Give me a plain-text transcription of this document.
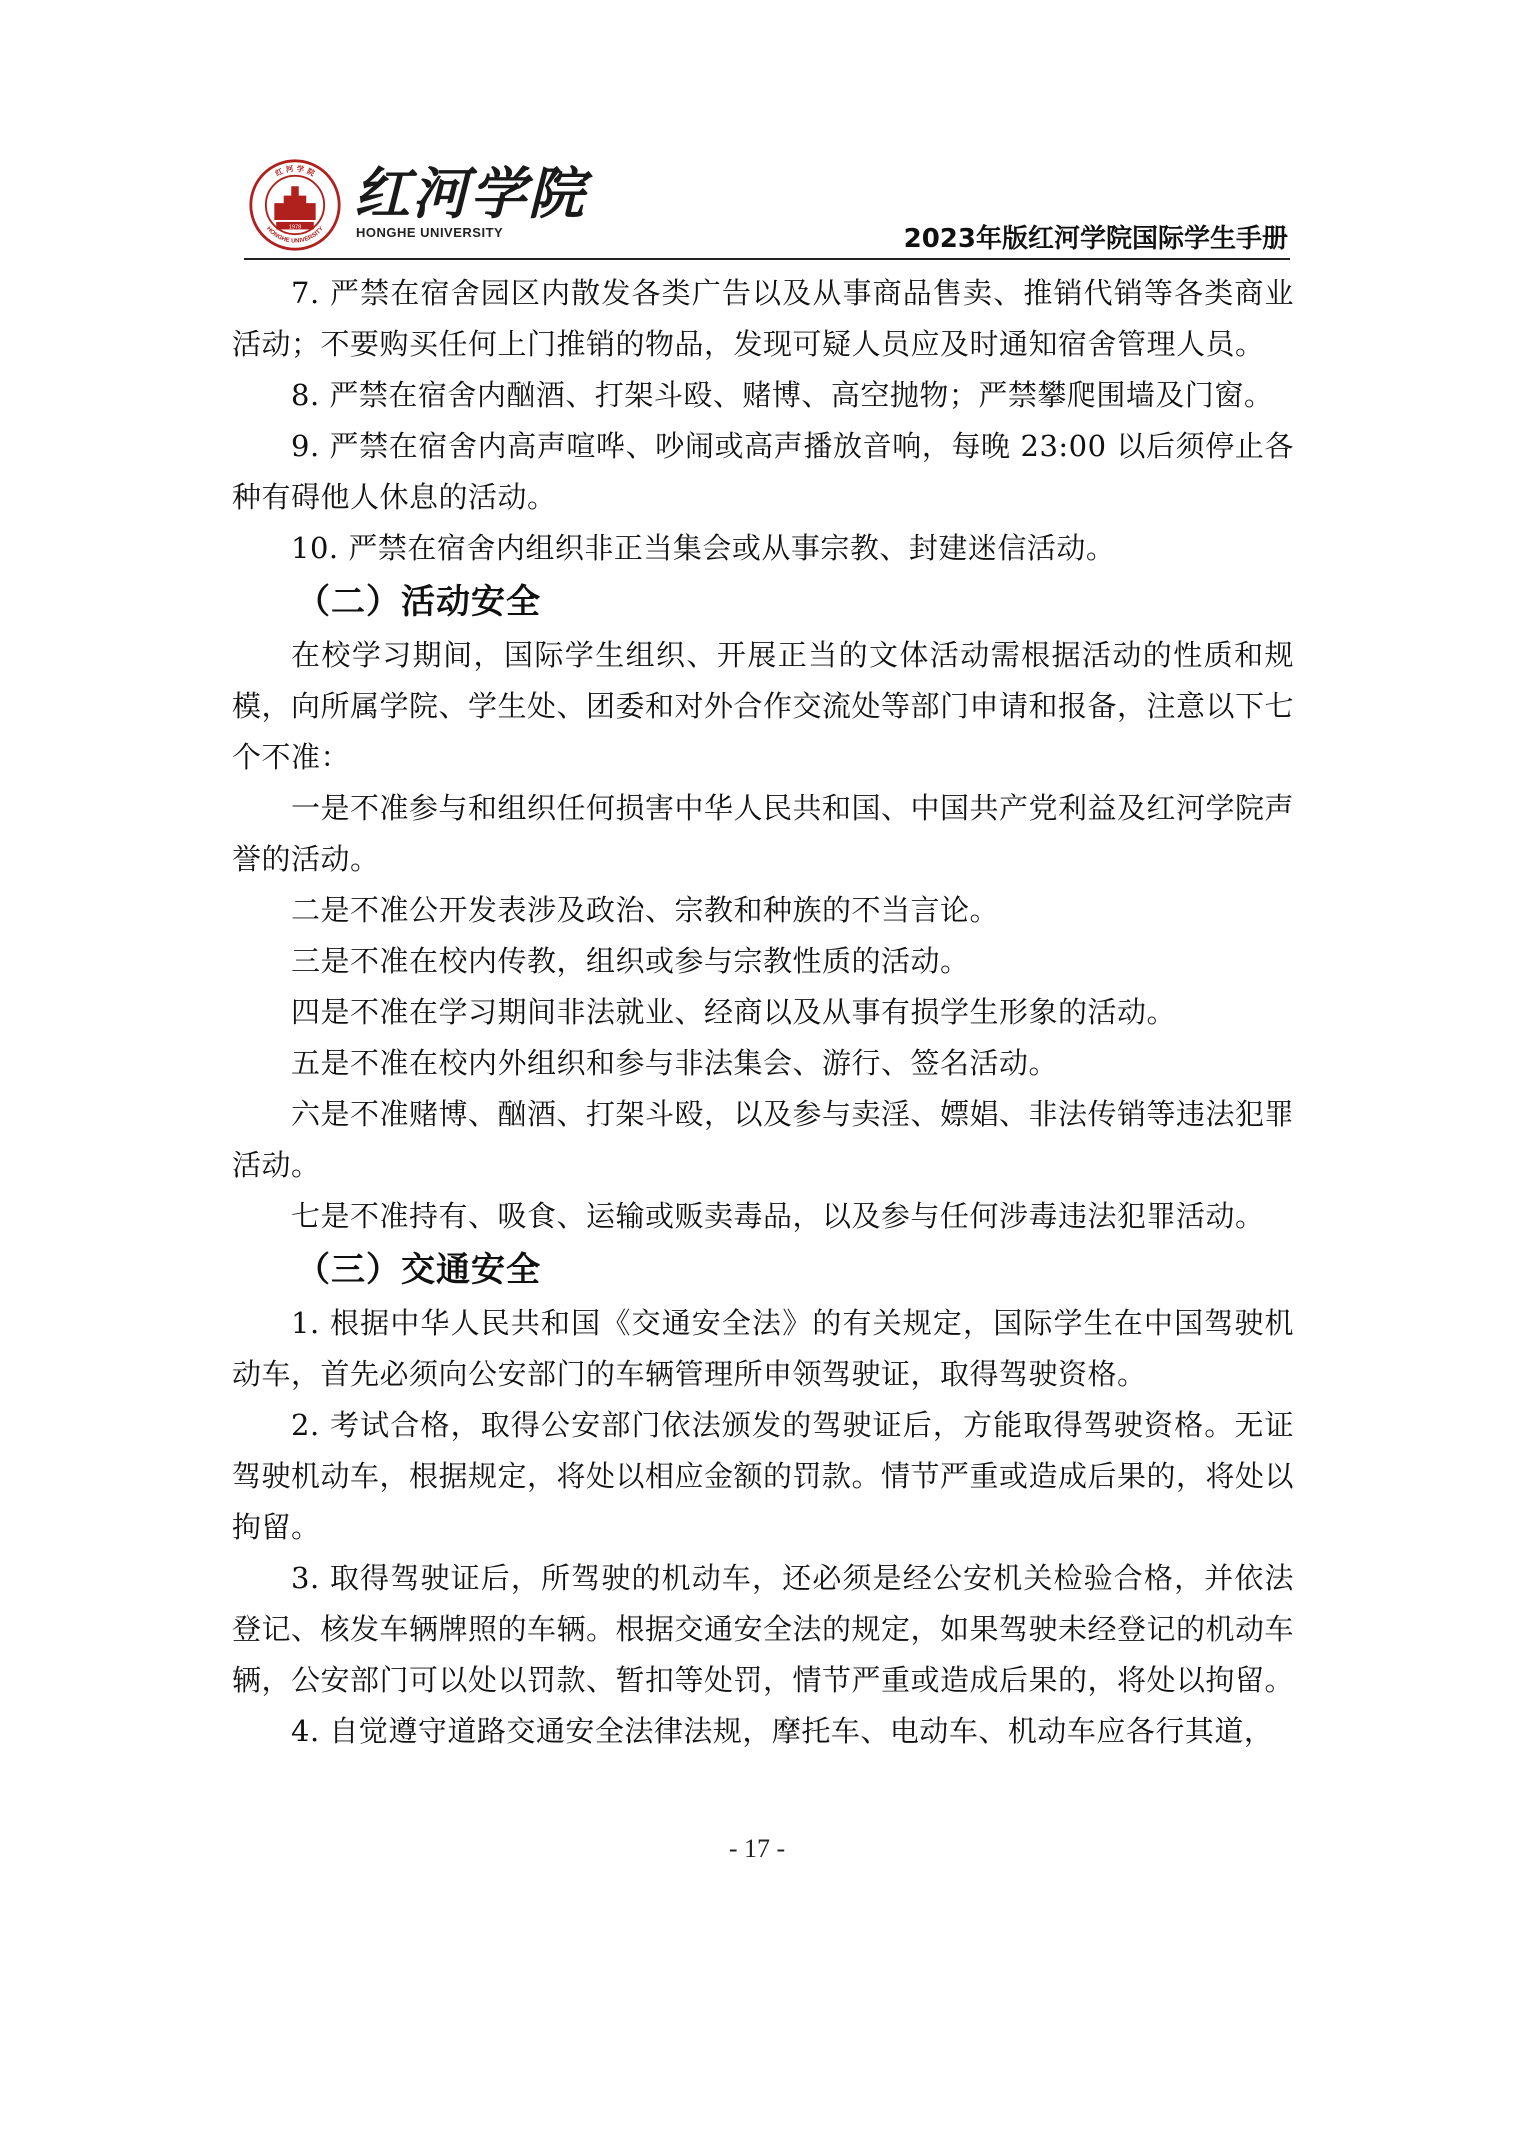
1978
红 河 学 院
HONGHE UNIVERSITY
红河学院
HONGHE UNIVERSITY	2023年版红河学院国际学生手册

7. 严禁在宿舍园区内散发各类广告以及从事商品售卖、推销代销等各类商业活动；不要购买任何上门推销的物品，发现可疑人员应及时通知宿舍管理人员。

8. 严禁在宿舍内酗酒、打架斗殴、赌博、高空抛物；严禁攀爬围墙及门窗。

9. 严禁在宿舍内高声喧哗、吵闹或高声播放音响，每晚 23:00 以后须停止各种有碍他人休息的活动。

10. 严禁在宿舍内组织非正当集会或从事宗教、封建迷信活动。

（二）活动安全

在校学习期间，国际学生组织、开展正当的文体活动需根据活动的性质和规模，向所属学院、学生处、团委和对外合作交流处等部门申请和报备，注意以下七个不准：

一是不准参与和组织任何损害中华人民共和国、中国共产党利益及红河学院声誉的活动。

二是不准公开发表涉及政治、宗教和种族的不当言论。

三是不准在校内传教，组织或参与宗教性质的活动。

四是不准在学习期间非法就业、经商以及从事有损学生形象的活动。

五是不准在校内外组织和参与非法集会、游行、签名活动。

六是不准赌博、酗酒、打架斗殴，以及参与卖淫、嫖娼、非法传销等违法犯罪活动。

七是不准持有、吸食、运输或贩卖毒品，以及参与任何涉毒违法犯罪活动。

（三）交通安全

1. 根据中华人民共和国《交通安全法》的有关规定，国际学生在中国驾驶机动车，首先必须向公安部门的车辆管理所申领驾驶证，取得驾驶资格。

2. 考试合格，取得公安部门依法颁发的驾驶证后，方能取得驾驶资格。无证驾驶机动车，根据规定，将处以相应金额的罚款。情节严重或造成后果的，将处以拘留。

3. 取得驾驶证后，所驾驶的机动车，还必须是经公安机关检验合格，并依法登记、核发车辆牌照的车辆。根据交通安全法的规定，如果驾驶未经登记的机动车辆，公安部门可以处以罚款、暂扣等处罚，情节严重或造成后果的，将处以拘留。

4. 自觉遵守道路交通安全法律法规，摩托车、电动车、机动车应各行其道，

- 17 -
